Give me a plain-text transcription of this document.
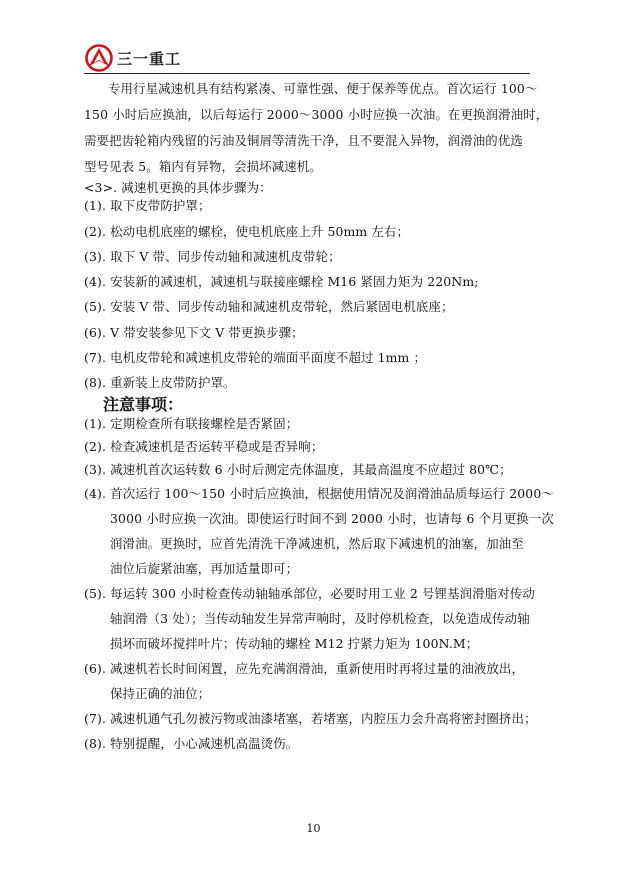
三一重工
专用行星减速机具有结构紧凑、可靠性强、便于保养等优点。首次运行 100～
150 小时后应换油，以后每运行 2000～3000 小时应换一次油。在更换润滑油时，
需要把齿轮箱内残留的污油及铜屑等清洗干净，且不要混入异物，润滑油的优选
型号见表 5。箱内有异物，会损坏减速机。
<3>. 减速机更换的具体步骤为：
(1). 取下皮带防护罩；
(2). 松动电机底座的螺栓，使电机底座上升 50mm 左右；
(3). 取下 V 带、同步传动轴和减速机皮带轮；
(4). 安装新的减速机，减速机与联接座螺栓 M16 紧固力矩为 220Nm;
(5). 安装 V 带、同步传动轴和减速机皮带轮，然后紧固电机底座；
(6). V 带安装参见下文 V 带更换步骤；
(7). 电机皮带轮和减速机皮带轮的端面平面度不超过 1mm ；
(8). 重新装上皮带防护罩。
注意事项：
(1). 定期检查所有联接螺栓是否紧固；
(2). 检查减速机是否运转平稳或是否异响；
(3). 减速机首次运转数 6 小时后测定壳体温度，其最高温度不应超过 80℃；
(4). 首次运行 100～150 小时后应换油，根据使用情况及润滑油品质每运行 2000～
3000 小时应换一次油。即使运行时间不到 2000 小时，也请每 6 个月更换一次
润滑油。更换时，应首先清洗干净减速机，然后取下减速机的油塞，加油至
油位后旋紧油塞，再加适量即可；
(5). 每运转 300 小时检查传动轴轴承部位，必要时用工业 2 号锂基润滑脂对传动
轴润滑（3 处）；当传动轴发生异常声响时，及时停机检查，以免造成传动轴
损坏而破坏搅拌叶片；传动轴的螺栓 M12 拧紧力矩为 100N.M；
(6). 减速机若长时间闲置，应先充满润滑油，重新使用时再将过量的油液放出，
保持正确的油位；
(7). 减速机通气孔勿被污物或油漆堵塞，若堵塞，内腔压力会升高将密封圈挤出；
(8). 特别提醒，小心减速机高温烫伤。
10
